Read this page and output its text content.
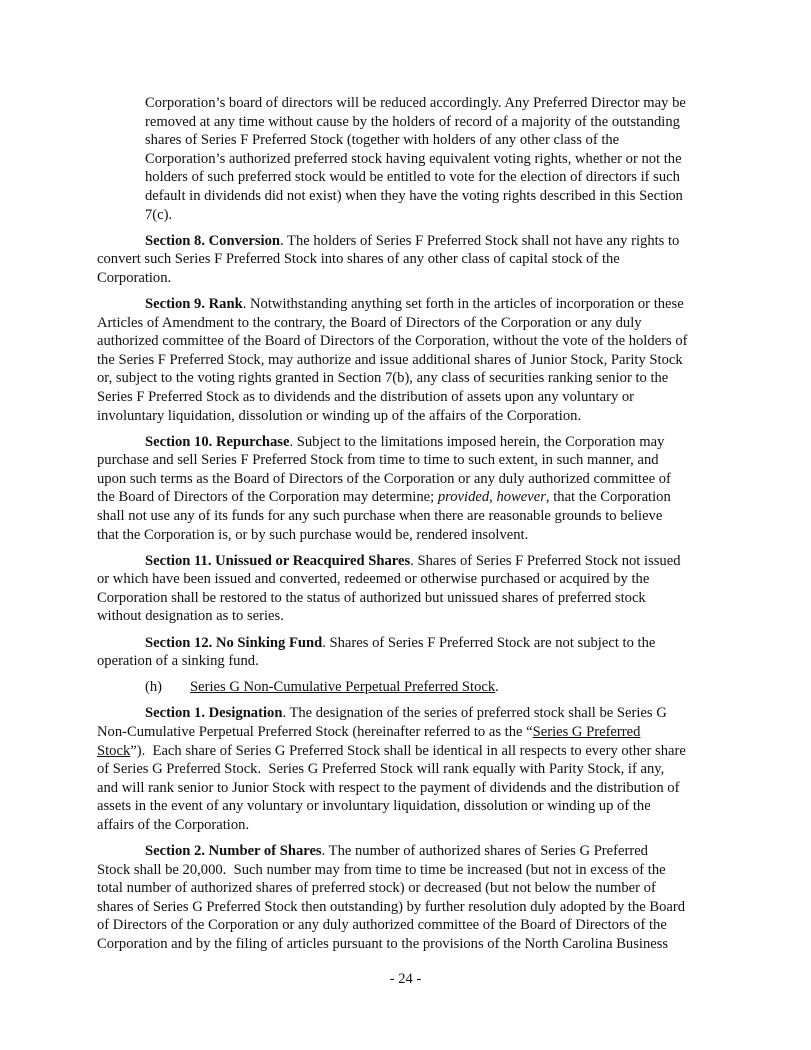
Corporation’s board of directors will be reduced accordingly. Any Preferred Director may be
removed at any time without cause by the holders of record of a majority of the outstanding
shares of Series F Preferred Stock (together with holders of any other class of the
Corporation’s authorized preferred stock having equivalent voting rights, whether or not the
holders of such preferred stock would be entitled to vote for the election of directors if such
default in dividends did not exist) when they have the voting rights described in this Section
7(c).
Section 8. Conversion. The holders of Series F Preferred Stock shall not have any rights to
convert such Series F Preferred Stock into shares of any other class of capital stock of the
Corporation.
Section 9. Rank. Notwithstanding anything set forth in the articles of incorporation or these
Articles of Amendment to the contrary, the Board of Directors of the Corporation or any duly
authorized committee of the Board of Directors of the Corporation, without the vote of the holders of
the Series F Preferred Stock, may authorize and issue additional shares of Junior Stock, Parity Stock
or, subject to the voting rights granted in Section 7(b), any class of securities ranking senior to the
Series F Preferred Stock as to dividends and the distribution of assets upon any voluntary or
involuntary liquidation, dissolution or winding up of the affairs of the Corporation.
Section 10. Repurchase. Subject to the limitations imposed herein, the Corporation may
purchase and sell Series F Preferred Stock from time to time to such extent, in such manner, and
upon such terms as the Board of Directors of the Corporation or any duly authorized committee of
the Board of Directors of the Corporation may determine; provided, however, that the Corporation
shall not use any of its funds for any such purchase when there are reasonable grounds to believe
that the Corporation is, or by such purchase would be, rendered insolvent.
Section 11. Unissued or Reacquired Shares. Shares of Series F Preferred Stock not issued
or which have been issued and converted, redeemed or otherwise purchased or acquired by the
Corporation shall be restored to the status of authorized but unissued shares of preferred stock
without designation as to series.
Section 12. No Sinking Fund. Shares of Series F Preferred Stock are not subject to the
operation of a sinking fund.
(h) Series G Non-Cumulative Perpetual Preferred Stock.
Section 1. Designation. The designation of the series of preferred stock shall be Series G
Non-Cumulative Perpetual Preferred Stock (hereinafter referred to as the “Series G Preferred
Stock”).  Each share of Series G Preferred Stock shall be identical in all respects to every other share
of Series G Preferred Stock.  Series G Preferred Stock will rank equally with Parity Stock, if any,
and will rank senior to Junior Stock with respect to the payment of dividends and the distribution of
assets in the event of any voluntary or involuntary liquidation, dissolution or winding up of the
affairs of the Corporation.
Section 2. Number of Shares. The number of authorized shares of Series G Preferred
Stock shall be 20,000.  Such number may from time to time be increased (but not in excess of the
total number of authorized shares of preferred stock) or decreased (but not below the number of
shares of Series G Preferred Stock then outstanding) by further resolution duly adopted by the Board
of Directors of the Corporation or any duly authorized committee of the Board of Directors of the
Corporation and by the filing of articles pursuant to the provisions of the North Carolina Business
- 24 -
